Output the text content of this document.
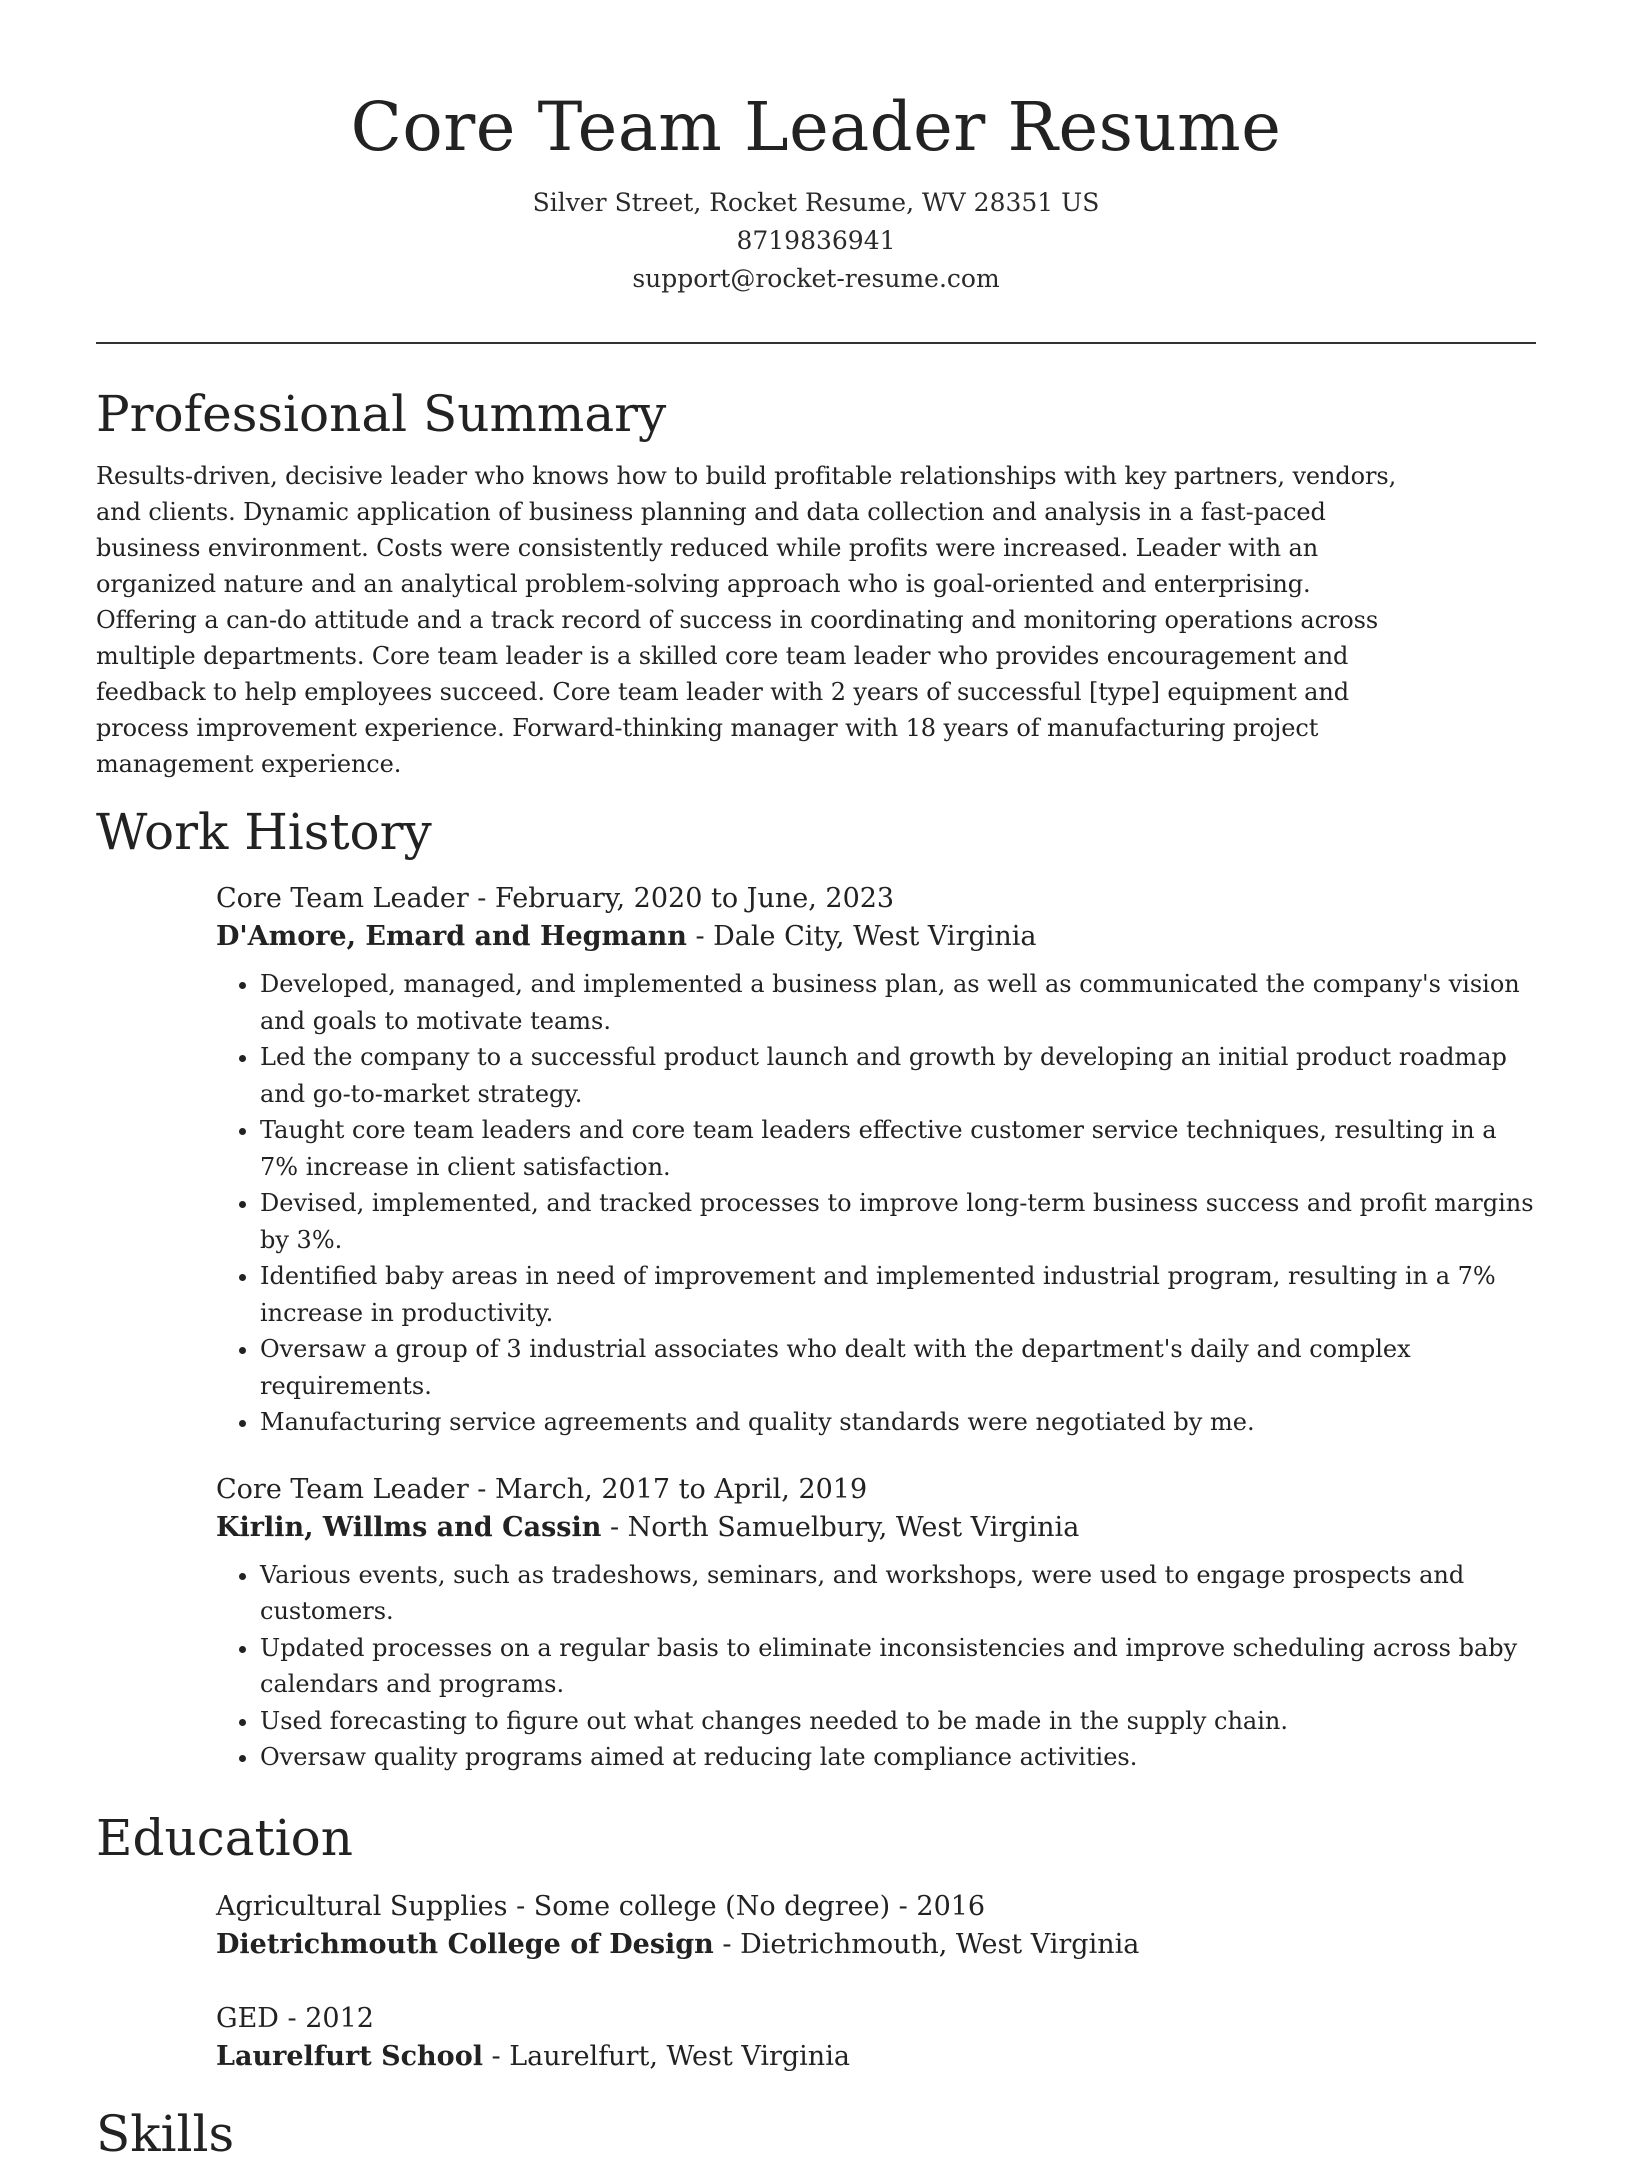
Core Team Leader Resume
Silver Street, Rocket Resume, WV 28351 US
8719836941
support@rocket-resume.com
Professional Summary

Results-driven, decisive leader who knows how to build profitable relationships with key partners, vendors, and clients. Dynamic application of business planning and data collection and analysis in a fast-paced business environment. Costs were consistently reduced while profits were increased. Leader with an organized nature and an analytical problem-solving approach who is goal-oriented and enterprising. Offering a can-do attitude and a track record of success in coordinating and monitoring operations across multiple departments. Core team leader is a skilled core team leader who provides encouragement and feedback to help employees succeed. Core team leader with 2 years of successful [type] equipment and process improvement experience. Forward-thinking manager with 18 years of manufacturing project management experience.

Work History
Core Team Leader - February, 2020 to June, 2023
D'Amore, Emard and Hegmann - Dale City, West Virginia
• Developed, managed, and implemented a business plan, as well as communicated the company's vision and goals to motivate teams.
• Led the company to a successful product launch and growth by developing an initial product roadmap and go-to-market strategy.
• Taught core team leaders and core team leaders effective customer service techniques, resulting in a 7% increase in client satisfaction.
• Devised, implemented, and tracked processes to improve long-term business success and profit margins by 3%.
• Identified baby areas in need of improvement and implemented industrial program, resulting in a 7% increase in productivity.
• Oversaw a group of 3 industrial associates who dealt with the department's daily and complex requirements.
• Manufacturing service agreements and quality standards were negotiated by me.
Core Team Leader - March, 2017 to April, 2019
Kirlin, Willms and Cassin - North Samuelbury, West Virginia
• Various events, such as tradeshows, seminars, and workshops, were used to engage prospects and customers.
• Updated processes on a regular basis to eliminate inconsistencies and improve scheduling across baby calendars and programs.
• Used forecasting to figure out what changes needed to be made in the supply chain.
• Oversaw quality programs aimed at reducing late compliance activities.
Education
Agricultural Supplies - Some college (No degree) - 2016
Dietrichmouth College of Design - Dietrichmouth, West Virginia
GED - 2012
Laurelfurt School - Laurelfurt, West Virginia
Skills
